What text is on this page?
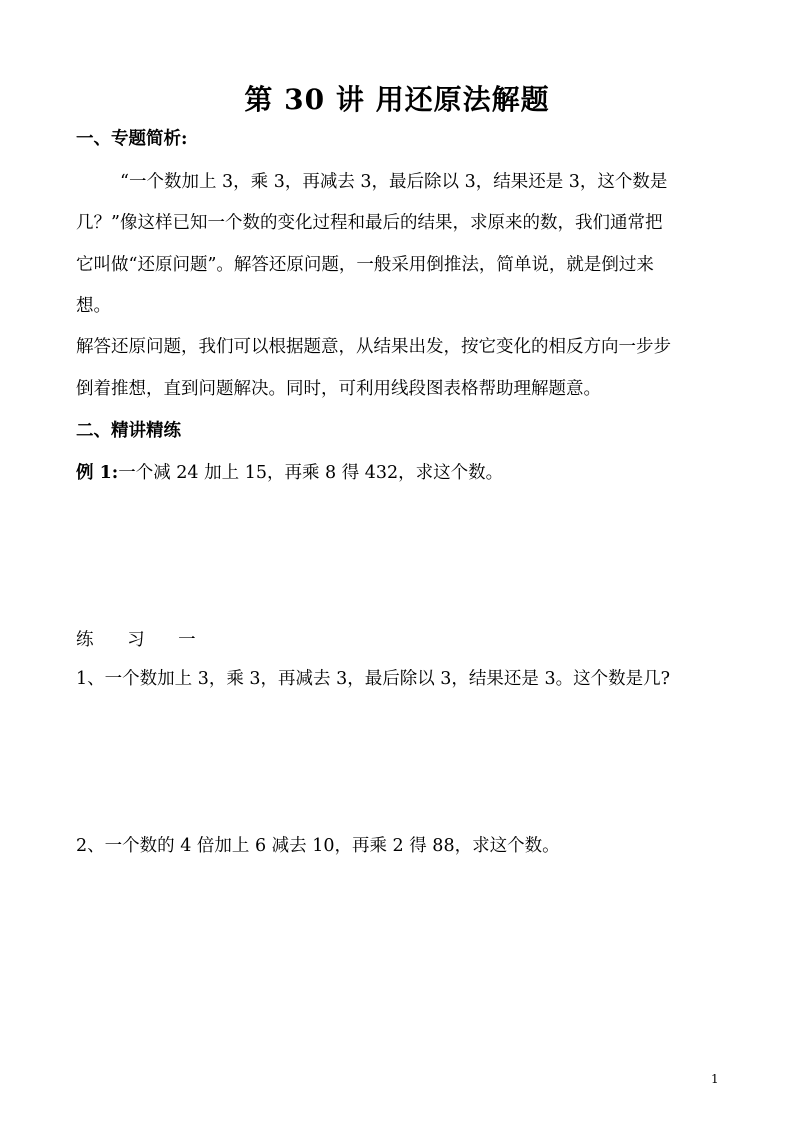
第 30 讲 用还原法解题
一、专题简析:
“一个数加上 3，乘 3，再减去 3，最后除以 3，结果还是 3，这个数是
几？”像这样已知一个数的变化过程和最后的结果，求原来的数，我们通常把
它叫做“还原问题”。解答还原问题，一般采用倒推法，简单说，就是倒过来
想。
解答还原问题，我们可以根据题意，从结果出发，按它变化的相反方向一步步
倒着推想，直到问题解决。同时，可利用线段图表格帮助理解题意。
二、精讲精练
例 1:一个减 24 加上 15，再乘 8 得 432，求这个数。
练 习 一
1、一个数加上 3，乘 3，再减去 3，最后除以 3，结果还是 3。这个数是几?
2、一个数的 4 倍加上 6 减去 10，再乘 2 得 88，求这个数。
1
